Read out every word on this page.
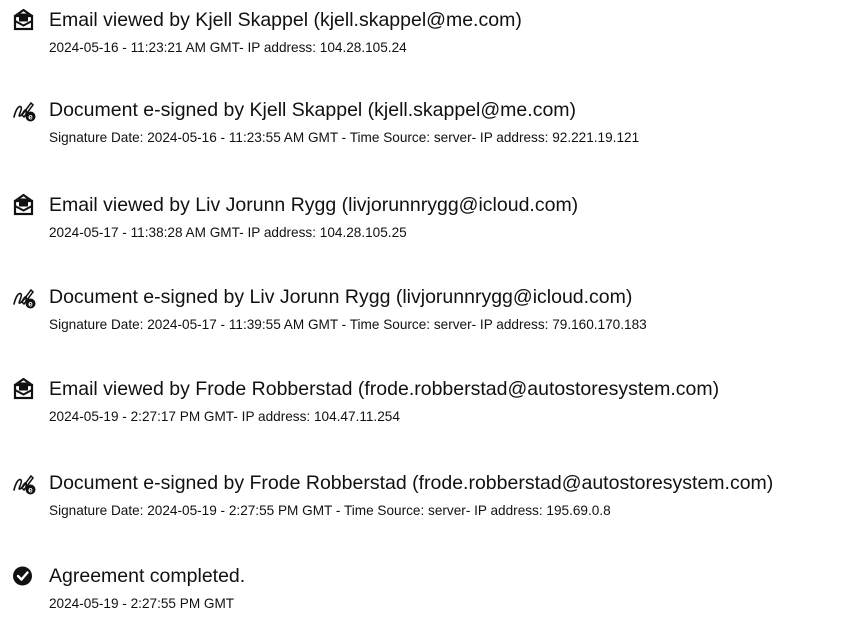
Email viewed by Kjell Skappel (kjell.skappel@me.com)
2024-05-16 - 11:23:21 AM GMT- IP address: 104.28.105.24
e Document e-signed by Kjell Skappel (kjell.skappel@me.com)
Signature Date: 2024-05-16 - 11:23:55 AM GMT - Time Source: server- IP address: 92.221.19.121
Email viewed by Liv Jorunn Rygg (livjorunnrygg@icloud.com)
2024-05-17 - 11:38:28 AM GMT- IP address: 104.28.105.25
e Document e-signed by Liv Jorunn Rygg (livjorunnrygg@icloud.com)
Signature Date: 2024-05-17 - 11:39:55 AM GMT - Time Source: server- IP address: 79.160.170.183
Email viewed by Frode Robberstad (frode.robberstad@autostoresystem.com)
2024-05-19 - 2:27:17 PM GMT- IP address: 104.47.11.254
e Document e-signed by Frode Robberstad (frode.robberstad@autostoresystem.com)
Signature Date: 2024-05-19 - 2:27:55 PM GMT - Time Source: server- IP address: 195.69.0.8
Agreement completed.
2024-05-19 - 2:27:55 PM GMT
